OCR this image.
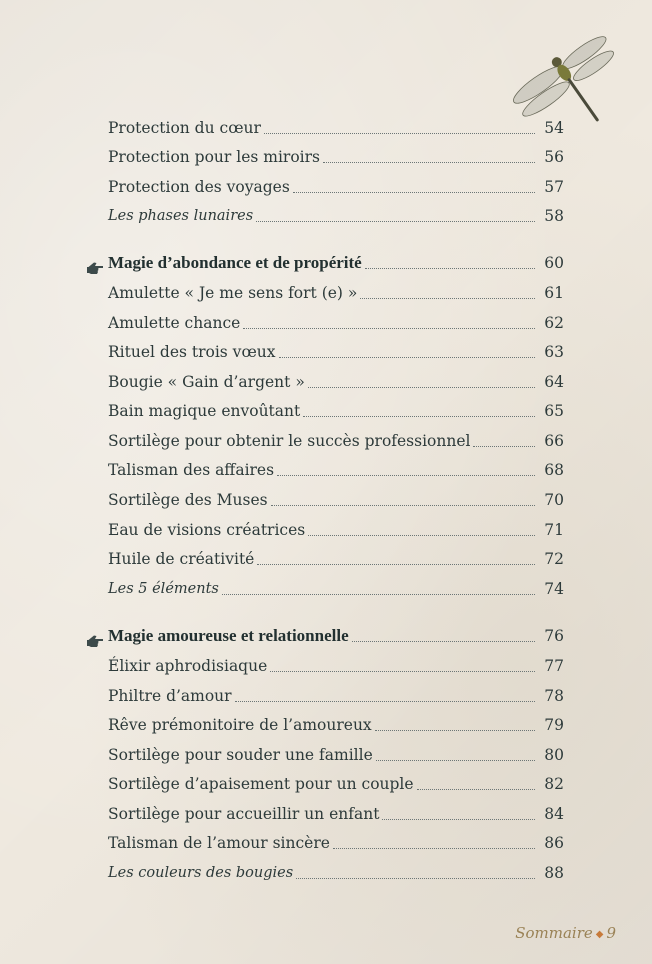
Protection du cœur	54
Protection pour les miroirs	56
Protection des voyages	57
Les phases lunaires	58
Magie d’abondance et de propérité	60
Amulette « Je me sens fort (e) »	61
Amulette chance	62
Rituel des trois vœux	63
Bougie « Gain d’argent »	64
Bain magique envoûtant	65
Sortilège pour obtenir le succès professionnel	66
Talisman des affaires	68
Sortilège des Muses	70
Eau de visions créatrices	71
Huile de créativité	72
Les 5 éléments	74
Magie amoureuse et relationnelle	76
Élixir aphrodisiaque	77
Philtre d’amour	78
Rêve prémonitoire de l’amoureux	79
Sortilège pour souder une famille	80
Sortilège d’apaisement pour un couple	82
Sortilège pour accueillir un enfant	84
Talisman de l’amour sincère	86
Les couleurs des bougies	88
Sommaire ◆ 9
